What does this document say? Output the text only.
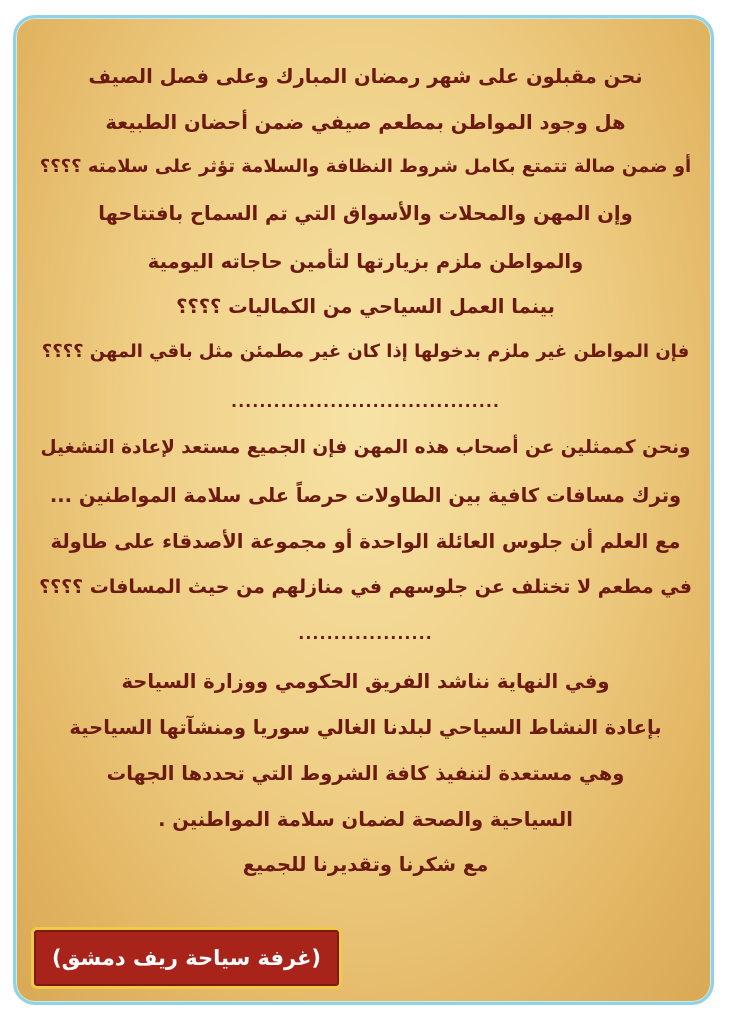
نحن مقبلون على شهر رمضان المبارك وعلى فصل الصيف
هل وجود المواطن بمطعم صيفي ضمن أحضان الطبيعة
أو ضمن صالة تتمتع بكامل شروط النظافة والسلامة تؤثر على سلامته ؟؟؟؟
وإن المهن والمحلات والأسواق التي تم السماح بافتتاحها
والمواطن ملزم بزيارتها لتأمين حاجاته اليومية
بينما العمل السياحي من الكماليات ؟؟؟؟
فإن المواطن غير ملزم بدخولها إذا كان غير مطمئن مثل باقي المهن ؟؟؟؟
......................................
ونحن كممثلين عن أصحاب هذه المهن فإن الجميع مستعد لإعادة التشغيل
وترك مسافات كافية بين الطاولات حرصاً على سلامة المواطنين ...
مع العلم أن جلوس العائلة الواحدة أو مجموعة الأصدقاء على طاولة
في مطعم لا تختلف عن جلوسهم في منازلهم من حيث المسافات ؟؟؟؟
...................
وفي النهاية نناشد الفريق الحكومي ووزارة السياحة
بإعادة النشاط السياحي لبلدنا الغالي سوريا ومنشآتها السياحية
وهي مستعدة لتنفيذ كافة الشروط التي تحددها الجهات
السياحية والصحة لضمان سلامة المواطنين .
مع شكرنا وتقديرنا للجميع
(غرفة سياحة ريف دمشق)
